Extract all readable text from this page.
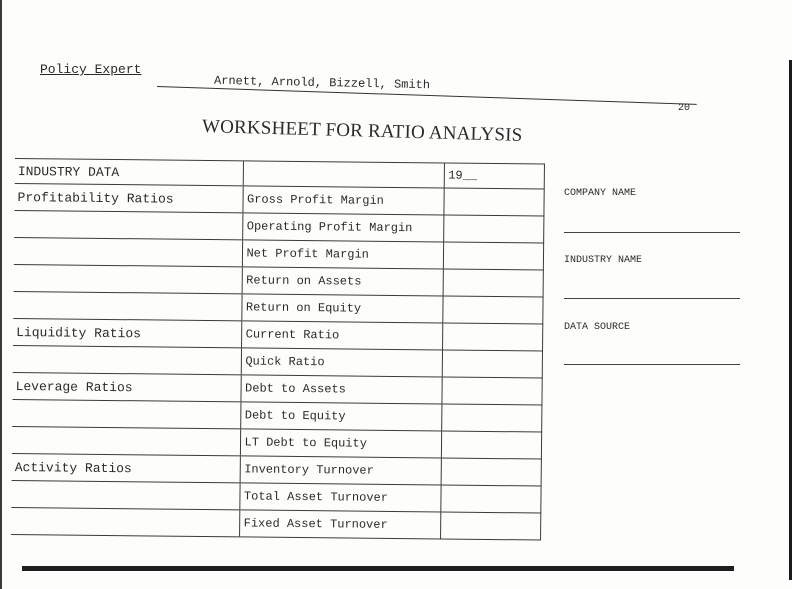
Policy Expert
Arnett, Arnold, Bizzell, Smith
20
WORKSHEET FOR RATIO ANALYSIS
INDUSTRY DATA		19__
Profitability Ratios	Gross Profit Margin	
	Operating Profit Margin	
	Net Profit Margin	
	Return on Assets	
	Return on Equity	
Liquidity Ratios	Current Ratio	
	Quick Ratio	
Leverage Ratios	Debt to Assets	
	Debt to Equity	
	LT Debt to Equity	
Activity Ratios	Inventory Turnover	
	Total Asset Turnover	
	Fixed Asset Turnover	
COMPANY NAME
INDUSTRY NAME
DATA SOURCE
